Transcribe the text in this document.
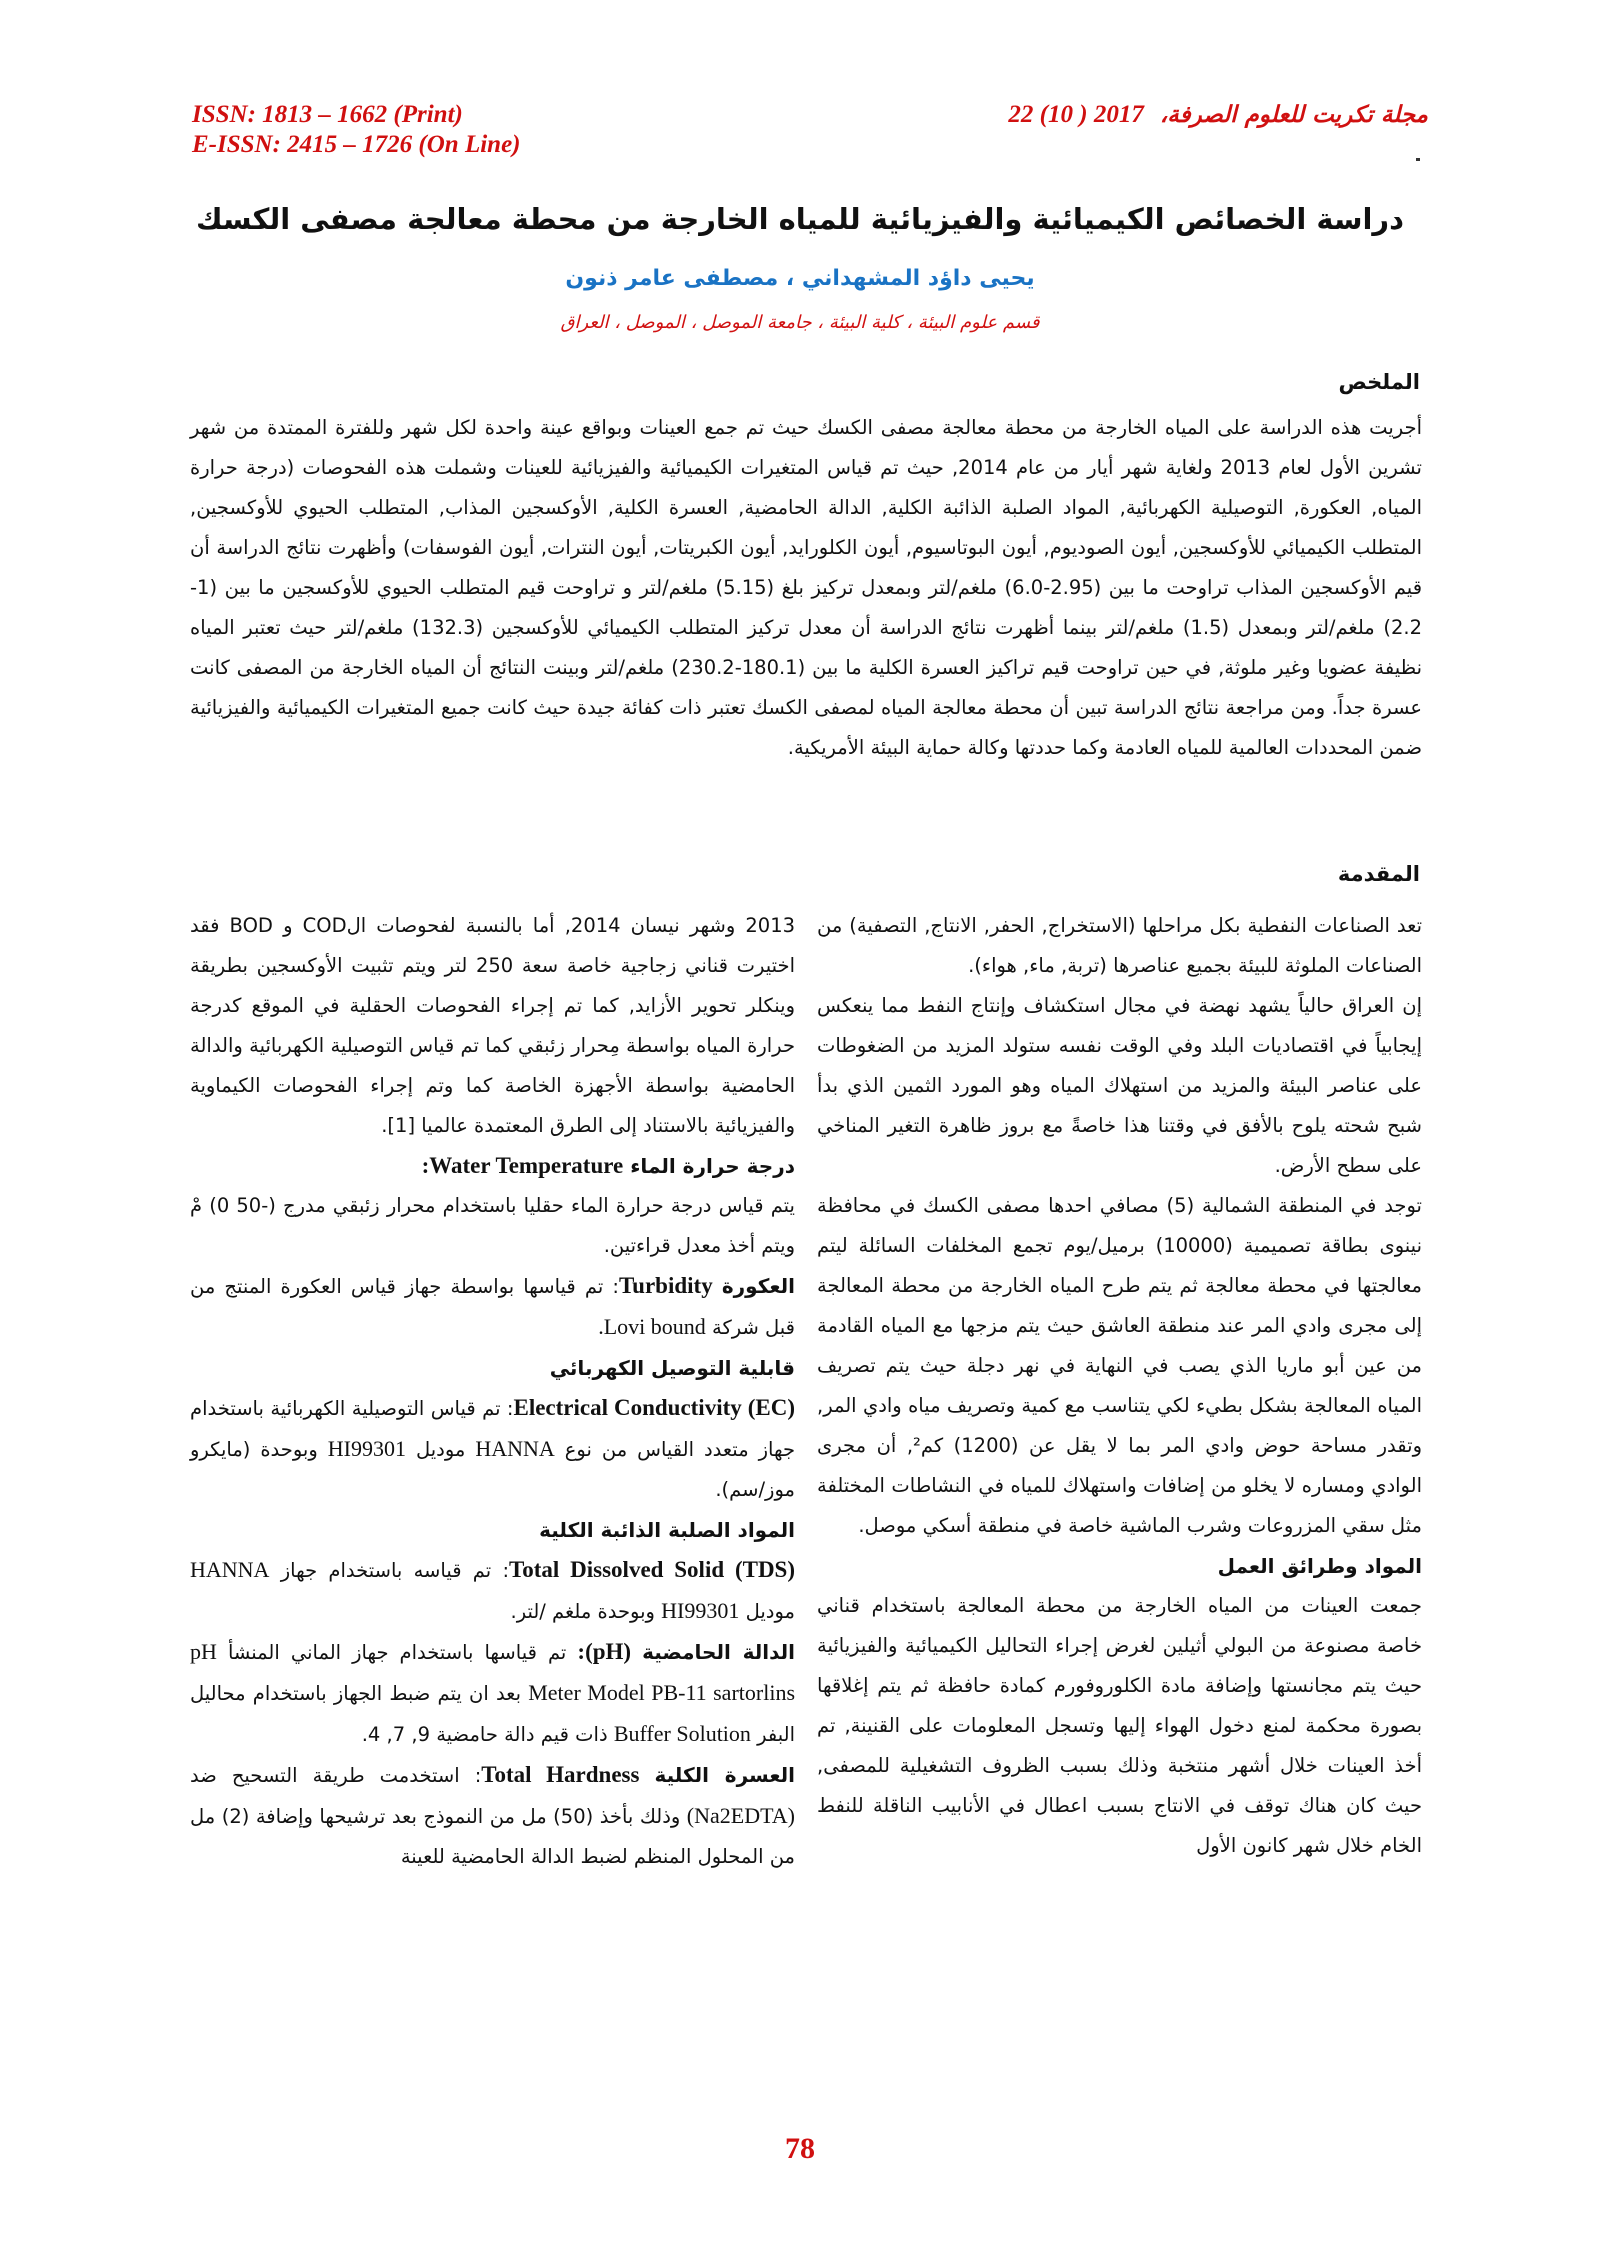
ISSN: 1813 – 1662 (Print)
E-ISSN: 2415 – 1726 (On Line)
مجلة تكريت للعلوم الصرفة، 2017 ( 10) 22
دراسة الخصائص الكيميائية والفيزيائية للمياه الخارجة من محطة معالجة مصفى الكسك
يحيى داؤد المشهداني ، مصطفى عامر ذنون
قسم علوم البيئة ، كلية البيئة ، جامعة الموصل ، الموصل ، العراق
الملخص
أجريت هذه الدراسة على المياه الخارجة من محطة معالجة مصفى الكسك حيث تم جمع العينات وبواقع عينة واحدة لكل شهر وللفترة الممتدة من شهر تشرين الأول لعام 2013 ولغاية شهر أيار من عام 2014, حيث تم قياس المتغيرات الكيميائية والفيزيائية للعينات وشملت هذه الفحوصات (درجة حرارة المياه, العكورة, التوصيلية الكهربائية, المواد الصلبة الذائبة الكلية, الدالة الحامضية, العسرة الكلية, الأوكسجين المذاب, المتطلب الحيوي للأوكسجين, المتطلب الكيميائي للأوكسجين, أيون الصوديوم, أيون البوتاسيوم, أيون الكلورايد, أيون الكبريتات, أيون النترات, أيون الفوسفات) وأظهرت نتائج الدراسة أن قيم الأوكسجين المذاب تراوحت ما بين (2.95-6.0) ملغم/لتر وبمعدل تركيز بلغ (5.15) ملغم/لتر و تراوحت قيم المتطلب الحيوي للأوكسجين ما بين (1-2.2) ملغم/لتر وبمعدل (1.5) ملغم/لتر بينما أظهرت نتائج الدراسة أن معدل تركيز المتطلب الكيميائي للأوكسجين (132.3) ملغم/لتر حيث تعتبر المياه نظيفة عضويا وغير ملوثة, في حين تراوحت قيم تراكيز العسرة الكلية ما بين (180.1-230.2) ملغم/لتر وبينت النتائج أن المياه الخارجة من المصفى كانت عسرة جداً. ومن مراجعة نتائج الدراسة تبين أن محطة معالجة المياه لمصفى الكسك تعتبر ذات كفائة جيدة حيث كانت جميع المتغيرات الكيميائية والفيزيائية ضمن المحددات العالمية للمياه العادمة وكما حددتها وكالة حماية البيئة الأمريكية.
المقدمة

تعد الصناعات النفطية بكل مراحلها (الاستخراج, الحفر, الانتاج, التصفية) من الصناعات الملوثة للبيئة بجميع عناصرها (تربة, ماء, هواء).

إن العراق حالياً يشهد نهضة في مجال استكشاف وإنتاج النفط مما ينعكس إيجابياً في اقتصاديات البلد وفي الوقت نفسه ستولد المزيد من الضغوطات على عناصر البيئة والمزيد من استهلاك المياه وهو المورد الثمين الذي بدأ شبح شحته يلوح بالأفق في وقتنا هذا خاصةً مع بروز ظاهرة التغير المناخي على سطح الأرض.

توجد في المنطقة الشمالية (5) مصافي احدها مصفى الكسك في محافظة نينوى بطاقة تصميمية (10000) برميل/يوم تجمع المخلفات السائلة ليتم معالجتها في محطة معالجة ثم يتم طرح المياه الخارجة من محطة المعالجة إلى مجرى وادي المر عند منطقة العاشق حيث يتم مزجها مع المياه القادمة من عين أبو ماريا الذي يصب في النهاية في نهر دجلة حيث يتم تصريف المياه المعالجة بشكل بطيء لكي يتناسب مع كمية وتصريف مياه وادي المر, وتقدر مساحة حوض وادي المر بما لا يقل عن (1200) كم², أن مجرى الوادي ومساره لا يخلو من إضافات واستهلاك للمياه في النشاطات المختلفة مثل سقي المزروعات وشرب الماشية خاصة في منطقة أسكي موصل.

المواد وطرائق العمل

جمعت العينات من المياه الخارجة من محطة المعالجة باستخدام قناني خاصة مصنوعة من البولي أثيلين لغرض إجراء التحاليل الكيميائية والفيزيائية حيث يتم مجانستها وإضافة مادة الكلوروفورم كمادة حافظة ثم يتم إغلاقها بصورة محكمة لمنع دخول الهواء إليها وتسجل المعلومات على القنينة, تم أخذ العينات خلال أشهر منتخبة وذلك بسبب الظروف التشغيلية للمصفى, حيث كان هناك توقف في الانتاج بسبب اعطال في الأنابيب الناقلة للنفط الخام خلال شهر كانون الأول

2013 وشهر نيسان 2014, أما بالنسبة لفحوصات الCOD و BOD فقد اختيرت قناني زجاجية خاصة سعة 250 لتر ويتم تثبيت الأوكسجين بطريقة وينكلر تحوير الأزايد, كما تم إجراء الفحوصات الحقلية في الموقع كدرجة حرارة المياه بواسطة مِحرار زئبقي كما تم قياس التوصيلية الكهربائية والدالة الحامضية بواسطة الأجهزة الخاصة كما وتم إجراء الفحوصات الكيماوية والفيزيائية بالاستناد إلى الطرق المعتمدة عالميا [1].

درجة حرارة الماء Water Temperature:

يتم قياس درجة حرارة الماء حقليا باستخدام محرار زئبقي مدرج (-50 0) مْ ويتم أخذ معدل قراءتين.

العكورة Turbidity: تم قياسها بواسطة جهاز قياس العكورة المنتج من قبل شركة Lovi bound.

قابلية التوصيل الكهربائي

Electrical Conductivity (EC): تم قياس التوصيلية الكهربائية باستخدام جهاز متعدد القياس من نوع HANNA موديل HI99301 وبوحدة (مايكرو موز/سم).

المواد الصلبة الذائبة الكلية

Total Dissolved Solid (TDS): تم قياسه باستخدام جهاز HANNA موديل HI99301 وبوحدة ملغم /لتر.

الدالة الحامضية (pH): تم قياسها باستخدام جهاز الماني المنشأ pH Meter Model PB-11 sartorlins بعد ان يتم ضبط الجهاز باستخدام محاليل البفر Buffer Solution ذات قيم دالة حامضية 9, 7, 4.

العسرة الكلية Total Hardness: استخدمت طريقة التسحيح ضد (Na2EDTA) وذلك بأخذ (50) مل من النموذج بعد ترشيحها وإضافة (2) مل من المحلول المنظم لضبط الدالة الحامضية للعينة

78
